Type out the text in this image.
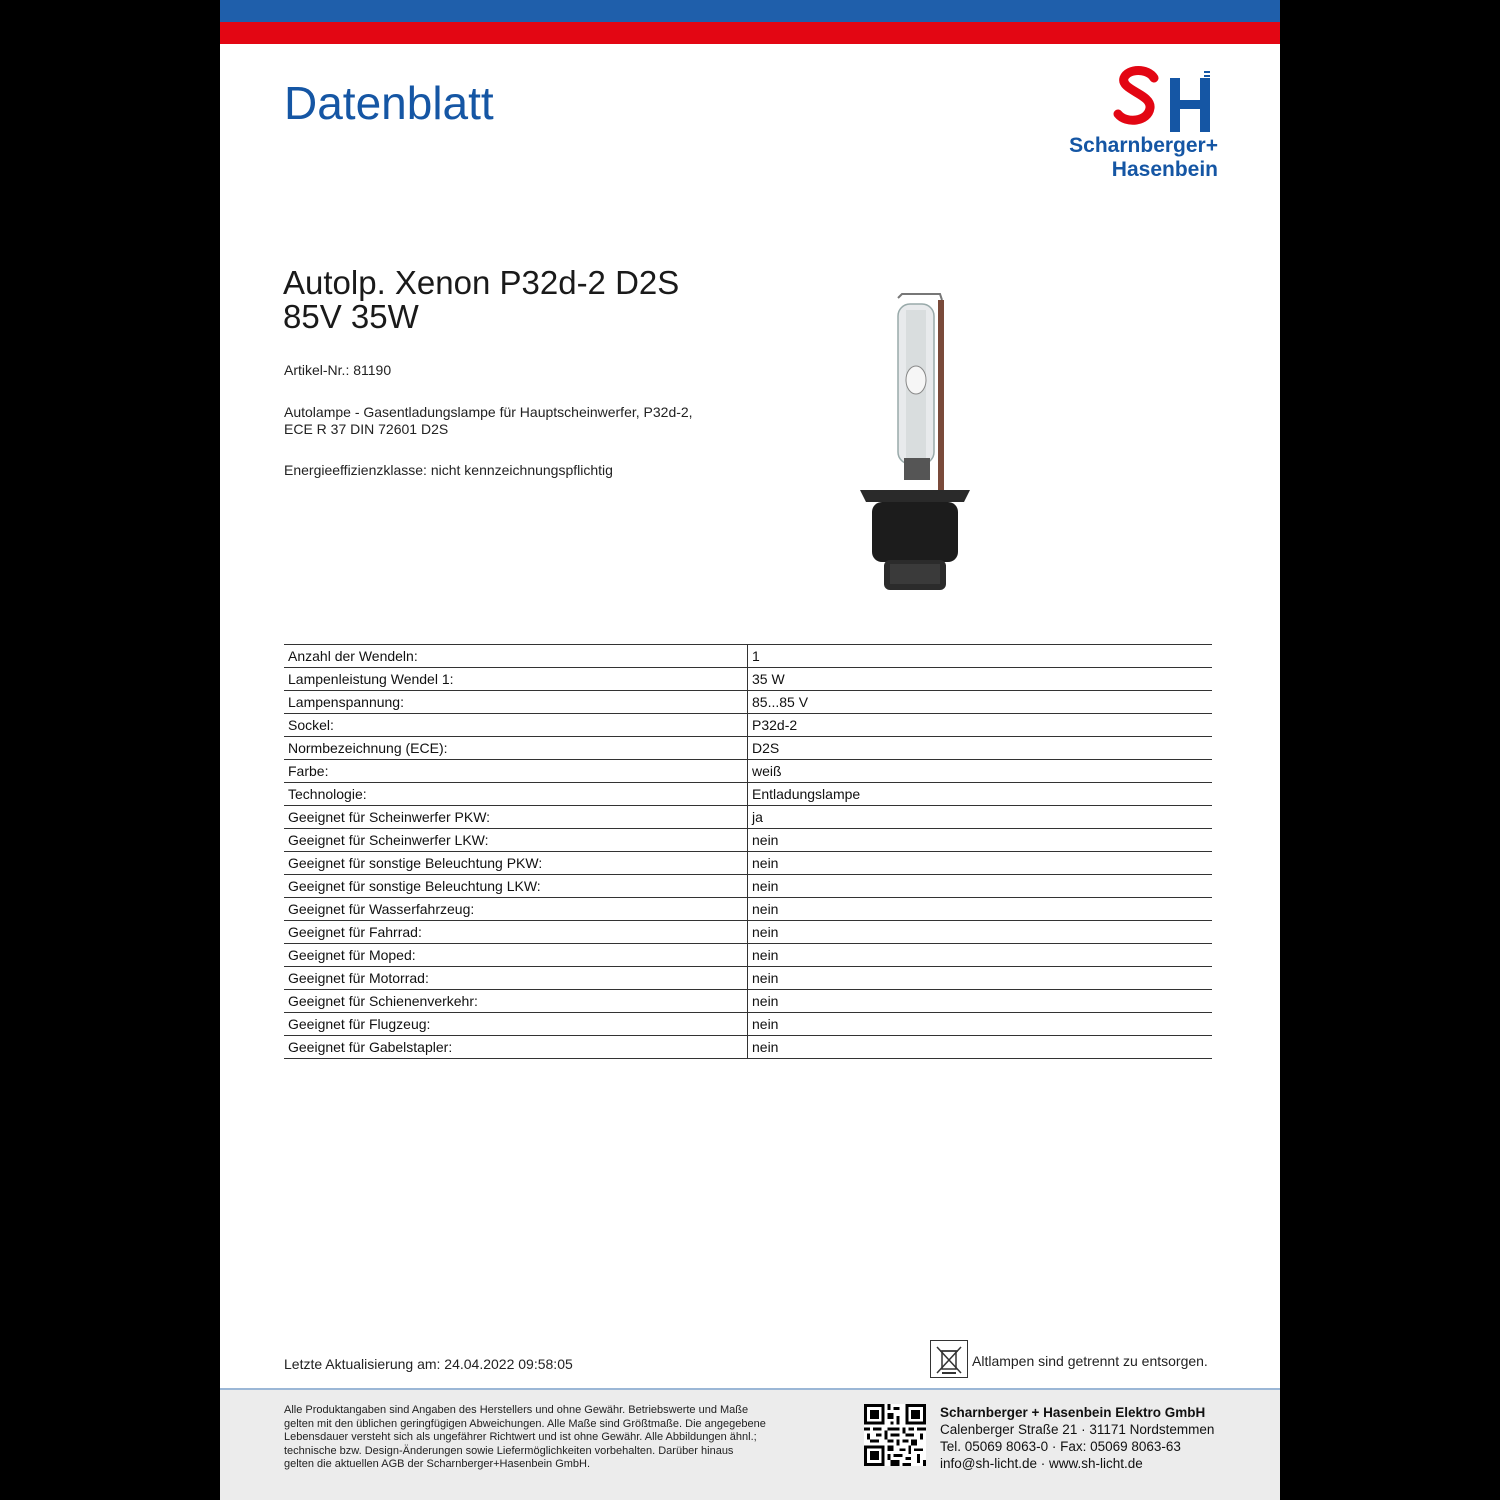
Datenblatt
Scharnberger+
Hasenbein
Autolp. Xenon P32d-2 D2S
85V 35W
Artikel-Nr.: 81190
Autolampe - Gasentladungslampe für Hauptscheinwerfer, P32d-2,
ECE R 37 DIN 72601 D2S
Energieeffizienzklasse: nicht kennzeichnungspflichtig
Anzahl der Wendeln:	1
Lampenleistung Wendel 1:	35 W
Lampenspannung:	85...85 V
Sockel:	P32d-2
Normbezeichnung (ECE):	D2S
Farbe:	weiß
Technologie:	Entladungslampe
Geeignet für Scheinwerfer PKW:	ja
Geeignet für Scheinwerfer LKW:	nein
Geeignet für sonstige Beleuchtung PKW:	nein
Geeignet für sonstige Beleuchtung LKW:	nein
Geeignet für Wasserfahrzeug:	nein
Geeignet für Fahrrad:	nein
Geeignet für Moped:	nein
Geeignet für Motorrad:	nein
Geeignet für Schienenverkehr:	nein
Geeignet für Flugzeug:	nein
Geeignet für Gabelstapler:	nein
Letzte Aktualisierung am: 24.04.2022 09:58:05	Altlampen sind getrennt zu entsorgen.
Alle Produktangaben sind Angaben des Herstellers und ohne Gewähr. Betriebswerte und Maße
gelten mit den üblichen geringfügigen Abweichungen. Alle Maße sind Größtmaße. Die angegebene
Lebensdauer versteht sich als ungefährer Richtwert und ist ohne Gewähr. Alle Abbildungen ähnl.;
technische bzw. Design-Änderungen sowie Liefermöglichkeiten vorbehalten. Darüber hinaus
gelten die aktuellen AGB der Scharnberger+Hasenbein GmbH.
Scharnberger + Hasenbein Elektro GmbH
Calenberger Straße 21 · 31171 Nordstemmen
Tel. 05069 8063-0 · Fax: 05069 8063-63
info@sh-licht.de · www.sh-licht.de
